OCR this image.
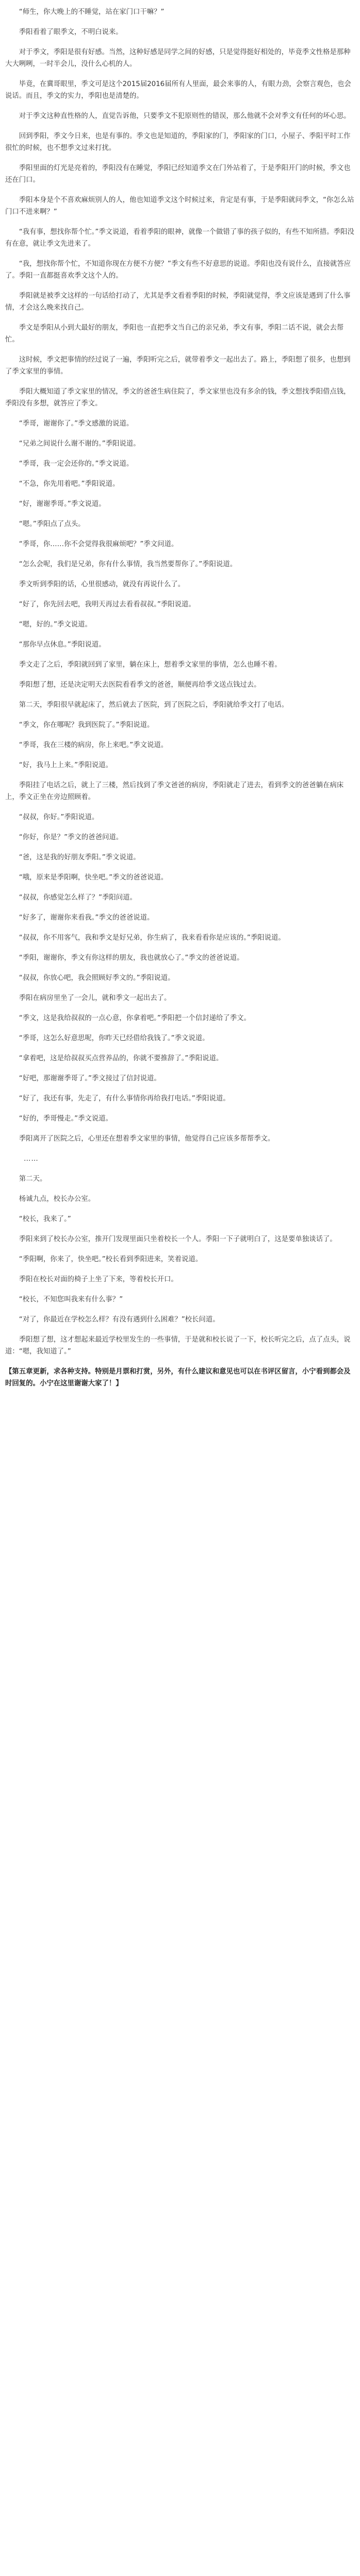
“师生，你大晚上的不睡觉，站在家门口干嘛？”

季阳看着了眼季文，不明白说来。

对于季文，季阳是很有好感。当然，这种好感是同学之间的好感，只是觉得挺好相处的，毕竟季文性格是那种大大咧咧，一时半会儿，没什么心机的人。

毕竟，在冀哥眼里，季文可是这个2015届2016届所有人里面，最会来事的人，有眼力劲，会察言观色，也会说话。而且，季文的实力，季阳也是清楚的。

对于季文这种直性格的人，直觉告诉他，只要季文不犯原则性的错误，那么他就不会对季文有任何的坏心思。

回到季阳，季文今日来，也是有事的。季文也是知道的，季阳家的门，季阳家的门口，小屋子、季阳平时工作很忙的时候，也不想季文过来打扰。

季阳里面的灯光是亮着的，季阳没有在睡觉，季阳已经知道季文在门外站着了，于是季阳开门的时候，季文也还在门口。

季阳本身是个不喜欢麻烦别人的人，他也知道季文这个时候过来，肯定是有事，于是季阳就问季文，“你怎么站门口不进来啊？”

“我有事，想找你帮个忙。”季文说道，看着季阳的眼神，就像一个做错了事的孩子似的，有些不知所措。季阳没有在意，就让季文先进来了。

“我，想找你帮个忙，不知道你现在方便不方便？”季文有些不好意思的说道。季阳也没有说什么，直接就答应了。季阳一直都挺喜欢季文这个人的。

季阳就是被季文这样的一句话给打动了，尤其是季文看着季阳的时候，季阳就觉得，季文应该是遇到了什么事情，才会这么晚来找自己。

季文是季阳从小到大最好的朋友，季阳也一直把季文当自己的亲兄弟，季文有事，季阳二话不说，就会去帮忙。

这时候，季文把事情的经过说了一遍，季阳听完之后，就带着季文一起出去了。路上，季阳想了很多，也想到了季文家里的事情。

季阳大概知道了季文家里的情况，季文的爸爸生病住院了，季文家里也没有多余的钱，季文想找季阳借点钱，季阳没有多想，就答应了季文。

“季哥，谢谢你了。”季文感激的说道。

“兄弟之间说什么谢不谢的。”季阳说道。

“季哥，我一定会还你的。”季文说道。

“不急，你先用着吧。”季阳说道。

“好，谢谢季哥。”季文说道。

“嗯。”季阳点了点头。

“季哥，你……你不会觉得我很麻烦吧？”季文问道。

“怎么会呢，我们是兄弟，你有什么事情，我当然要帮你了。”季阳说道。

季文听到季阳的话，心里很感动，就没有再说什么了。

“好了，你先回去吧，我明天再过去看看叔叔。”季阳说道。

“嗯，好的。”季文说道。

“那你早点休息。”季阳说道。

季文走了之后，季阳就回到了家里，躺在床上，想着季文家里的事情，怎么也睡不着。

季阳想了想，还是决定明天去医院看看季文的爸爸，顺便再给季文送点钱过去。

第二天，季阳很早就起床了，然后就去了医院，到了医院之后，季阳就给季文打了电话。

“季文，你在哪呢？我到医院了。”季阳说道。

“季哥，我在三楼的病房，你上来吧。”季文说道。

“好，我马上上来。”季阳说道。

季阳挂了电话之后，就上了三楼，然后找到了季文爸爸的病房，季阳就走了进去，看到季文的爸爸躺在病床上，季文正坐在旁边照顾着。

“叔叔，你好。”季阳说道。

“你好，你是？”季文的爸爸问道。

“爸，这是我的好朋友季阳。”季文说道。

“哦，原来是季阳啊，快坐吧。”季文的爸爸说道。

“叔叔，你感觉怎么样了？”季阳问道。

“好多了，谢谢你来看我。”季文的爸爸说道。

“叔叔，你不用客气，我和季文是好兄弟，你生病了，我来看看你是应该的。”季阳说道。

“季阳，谢谢你，季文有你这样的朋友，我也就放心了。”季文的爸爸说道。

“叔叔，你放心吧，我会照顾好季文的。”季阳说道。

季阳在病房里坐了一会儿，就和季文一起出去了。

“季文，这是我给叔叔的一点心意，你拿着吧。”季阳把一个信封递给了季文。

“季哥，这怎么好意思呢，你昨天已经借给我钱了。”季文说道。

“拿着吧，这是给叔叔买点营养品的，你就不要推辞了。”季阳说道。

“好吧，那谢谢季哥了。”季文接过了信封说道。

“好了，我还有事，先走了，有什么事情你再给我打电话。”季阳说道。

“好的，季哥慢走。”季文说道。

季阳离开了医院之后，心里还在想着季文家里的事情，他觉得自己应该多帮帮季文。

……

第二天。

杨诚九点，校长办公室。

“校长，我来了。”

季阳来到了校长办公室，推开门发现里面只坐着校长一个人。季阳一下子就明白了，这是要单独谈话了。

“季阳啊，你来了，快坐吧。”校长看到季阳进来，笑着说道。

季阳在校长对面的椅子上坐了下来，等着校长开口。

“校长，不知您叫我来有什么事？”

“对了，你最近在学校怎么样？有没有遇到什么困难？”校长问道。

季阳想了想，这才想起来最近学校里发生的一些事情，于是就和校长说了一下，校长听完之后，点了点头，说道：“嗯，我知道了。”

【第五章更新，求各种支持。特别是月票和打赏，另外，有什么建议和意见也可以在书评区留言，小宁看到都会及时回复的。小宁在这里谢谢大家了！】
